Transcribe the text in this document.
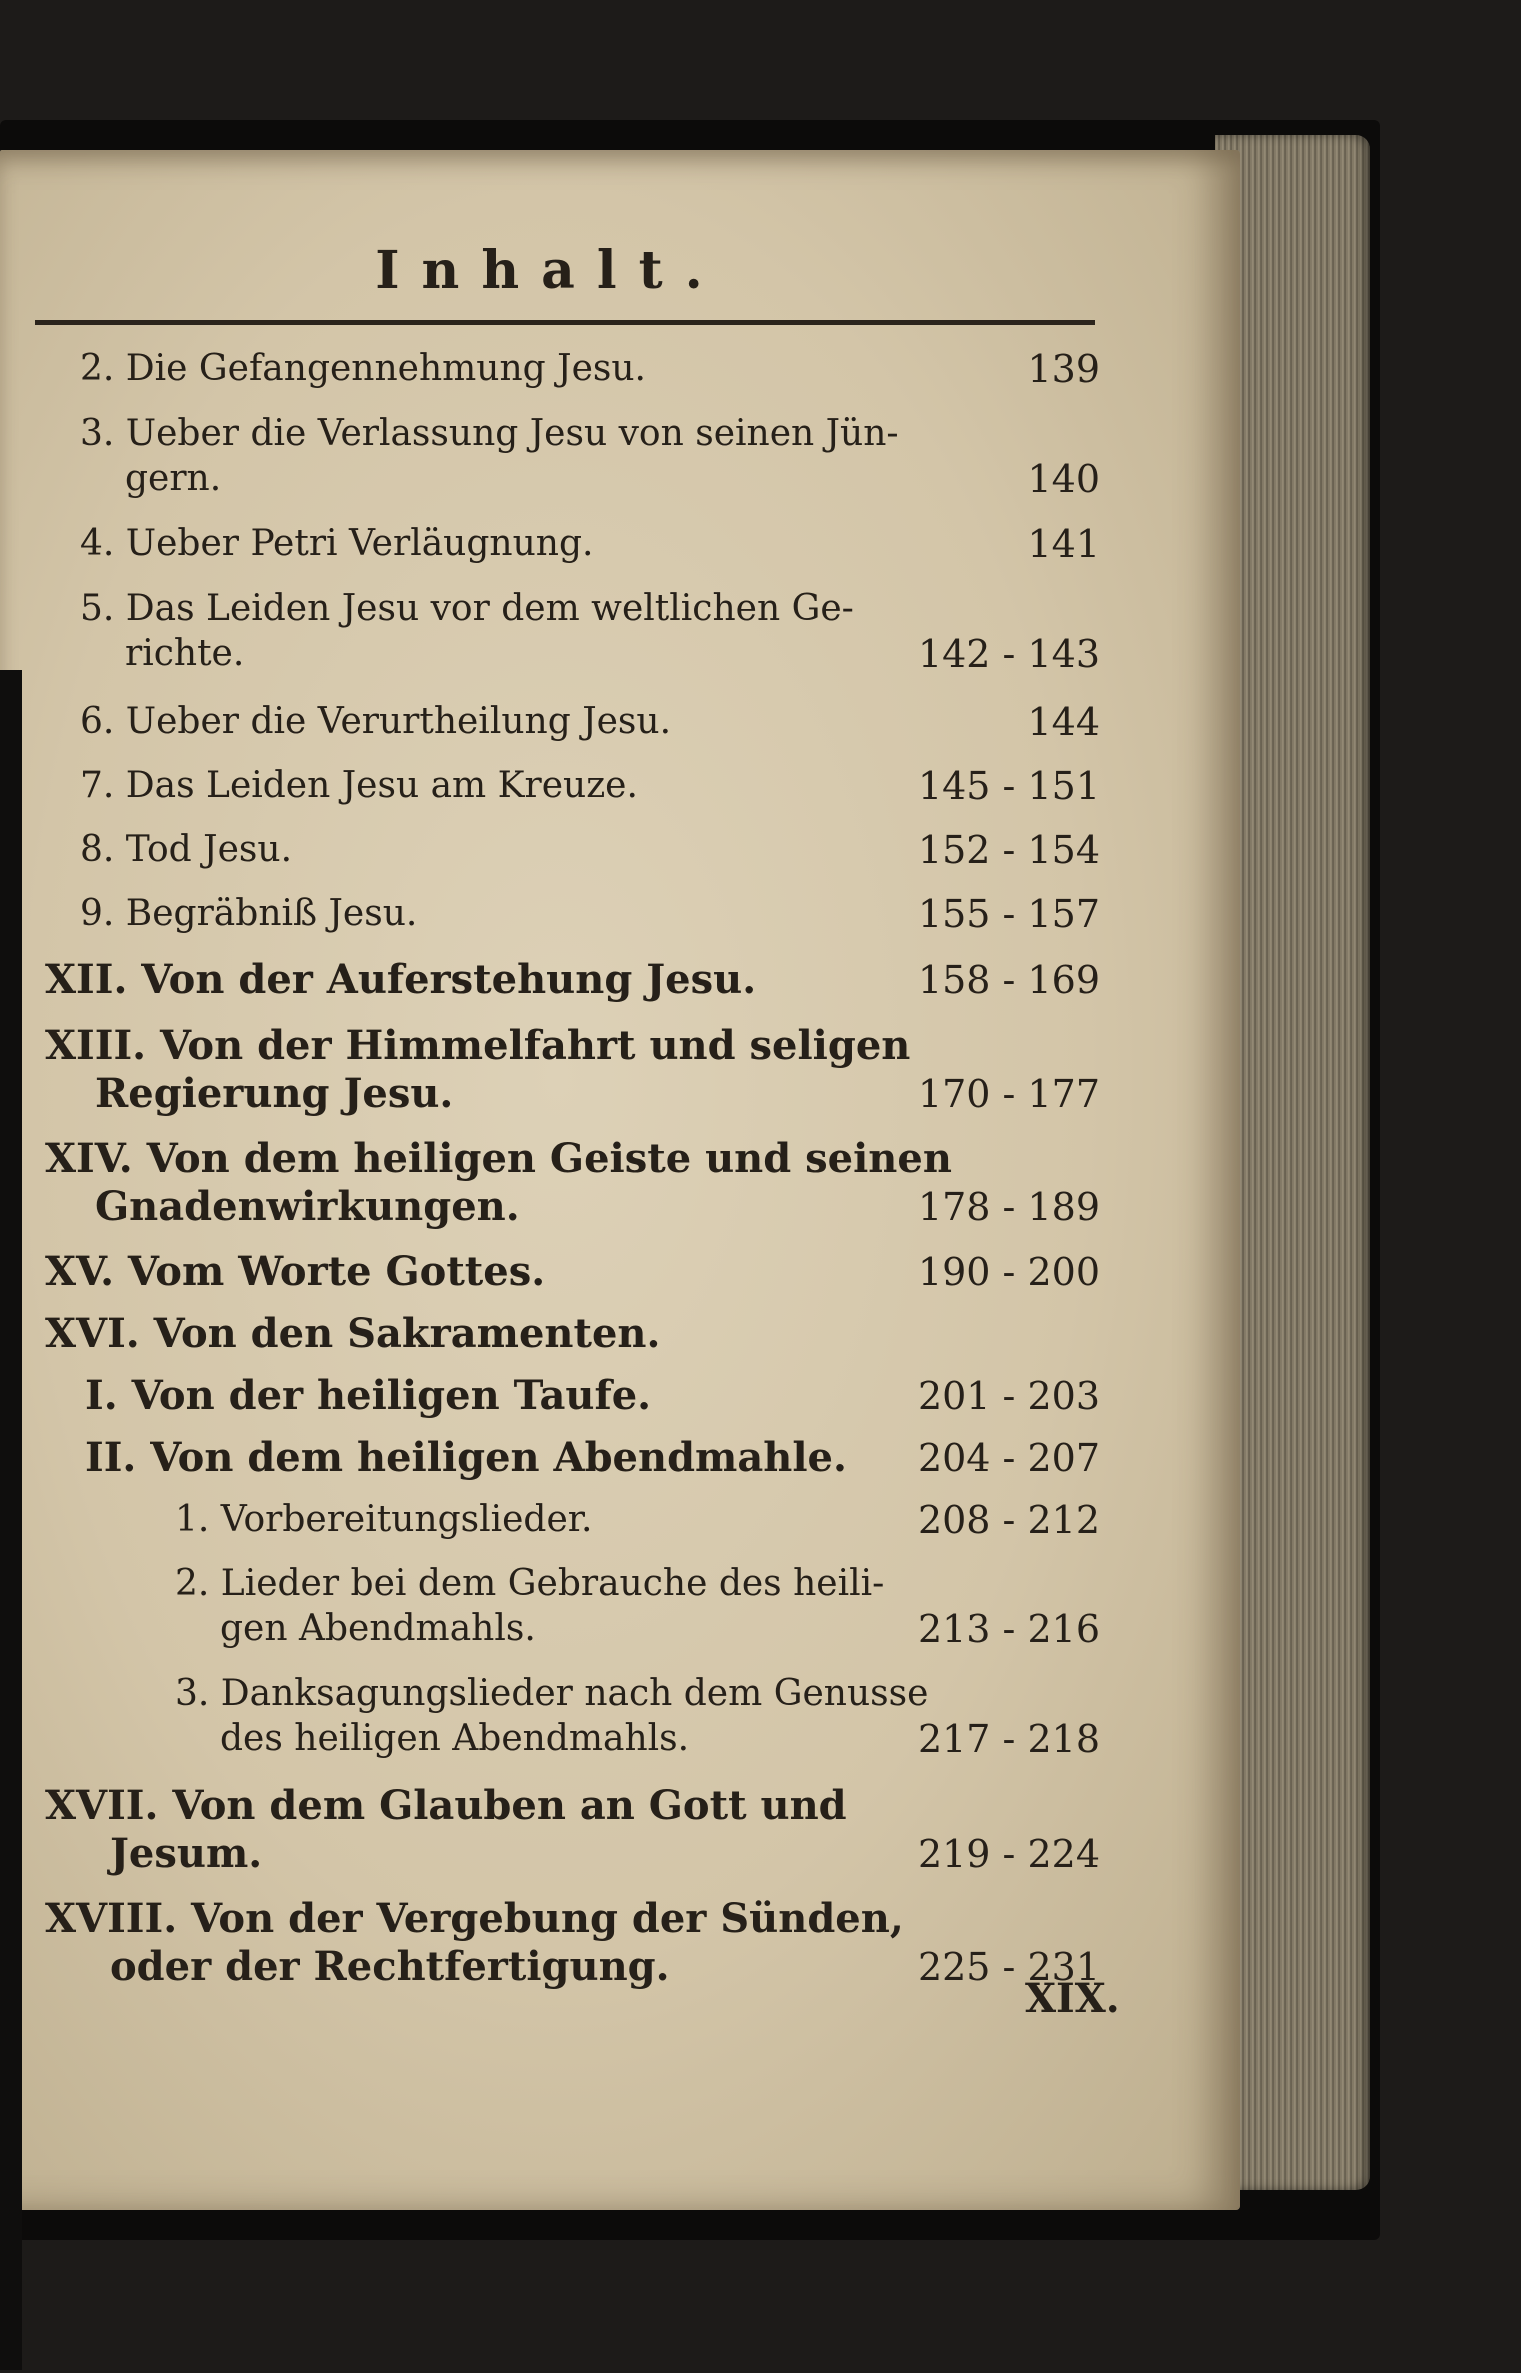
Inhalt.
2. Die Gefangennehmung Jesu.	139
3. Ueber die Verlassung Jesu von seinen Jün-
gern.	140
4. Ueber Petri Verläugnung.	141
5. Das Leiden Jesu vor dem weltlichen Ge-
richte.	142 - 143
6. Ueber die Verurtheilung Jesu.	144
7. Das Leiden Jesu am Kreuze.	145 - 151
8. Tod Jesu.	152 - 154
9. Begräbniß Jesu.	155 - 157
XII. Von der Auferstehung Jesu.	158 - 169
XIII. Von der Himmelfahrt und seligen
Regierung Jesu.	170 - 177
XIV. Von dem heiligen Geiste und seinen
Gnadenwirkungen.	178 - 189
XV. Vom Worte Gottes.	190 - 200
XVI. Von den Sakramenten.
I. Von der heiligen Taufe.	201 - 203
II. Von dem heiligen Abendmahle. 204 - 207
1. Vorbereitungslieder.	208 - 212
2. Lieder bei dem Gebrauche des heili-
gen Abendmahls.	213 - 216
3. Danksagungslieder nach dem Genusse
des heiligen Abendmahls.	217 - 218
XVII. Von dem Glauben an Gott und
Jesum.	219 - 224
XVIII. Von der Vergebung der Sünden,
oder der Rechtfertigung.	225 - 231
XIX.
